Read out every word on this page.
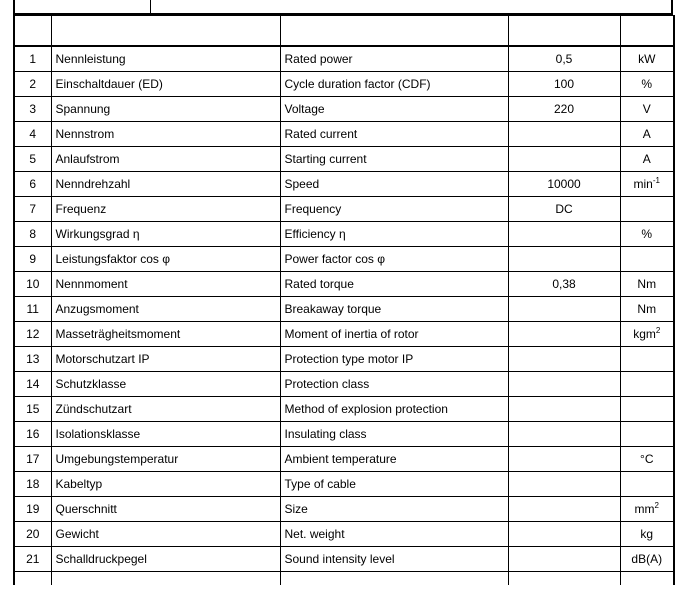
1	Nennleistung	Rated power	0,5	kW
2	Einschaltdauer (ED)	Cycle duration factor (CDF)	100	%
3	Spannung	Voltage	220	V
4	Nennstrom	Rated current		A
5	Anlaufstrom	Starting current		A
6	Nenndrehzahl	Speed	10000	$\min^{-1}$
7	Frequenz	Frequency	DC	
8	Wirkungsgrad η	Efficiency η		%
9	Leistungsfaktor cos φ	Power factor cos φ		
10	Nennmoment	Rated torque	0,38	Nm
11	Anzugsmoment	Breakaway torque		Nm
12	Masseträgheitsmoment	Moment of inertia of rotor		kgm$^2$
13	Motorschutzart IP	Protection type motor IP		
14	Schutzklasse	Protection class		
15	Zündschutzart	Method of explosion protection		
16	Isolationsklasse	Insulating class		
17	Umgebungstemperatur	Ambient temperature		°C
18	Kabeltyp	Type of cable		
19	Querschnitt	Size		$mm^2$
20	Gewicht	Net. weight		kg
21	Schalldruckpegel	Sound intensity level		dB(A)
